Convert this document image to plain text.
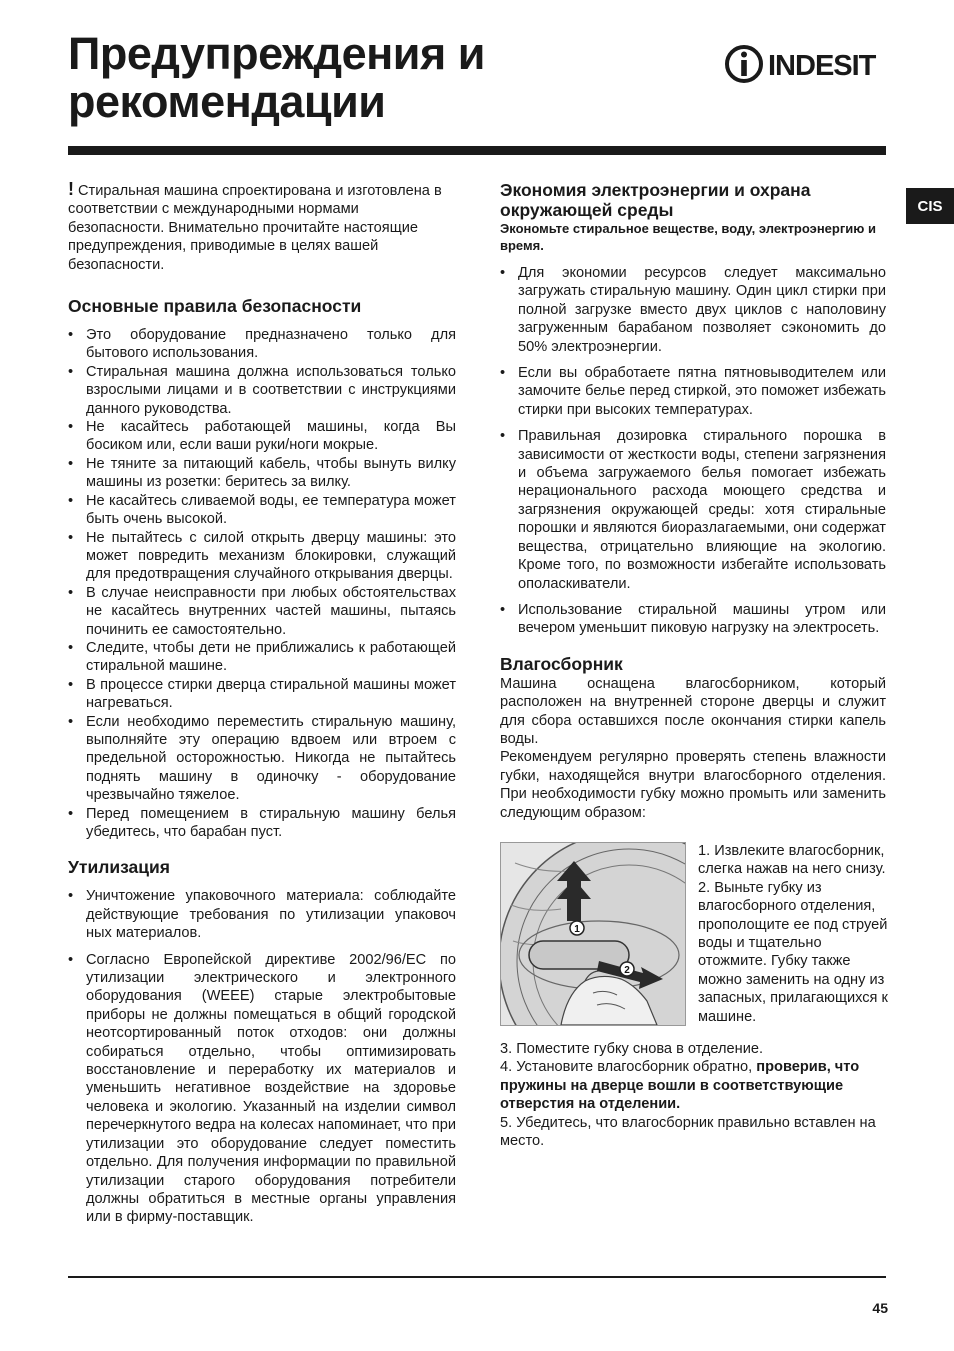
Предупреждения и
рекомендации
INDESIT
CIS

! Стиральная машина спроектирована и изготовлена в соответствии с международными нормами безопасности. Внимательно прочитайте настоящие предупреждения, приводимые в целях вашей безопасности.

Основные правила безопасности
• Это оборудование предназначено только для бытового использования.
• Стиральная машина должна использоваться только взрослыми лицами и в соответствии с инструкциями данного руководства.
• Не касайтесь работающей машины, когда Вы босиком или, если ваши руки/ноги мокрые.
• Не тяните за питающий кабель, чтобы вынуть вилку машины из розетки: беритесь за вилку.
• Не касайтесь сливаемой воды, ее температура может быть очень высокой.
• Не пытайтесь с силой открыть дверцу машины: это может повредить механизм блокировки, служащий для предотвращения случайного открывания дверцы.
• В случае неисправности при любых обстоятельствах не касайтесь внутренних частей машины, пытаясь починить ее самостоятельно.
• Следите, чтобы дети не приближались к работающей стиральной машине.
• В процессе стирки дверца стиральной машины может нагреваться.
• Если необходимо переместить стиральную машину, выполняйте эту операцию вдвоем или втроем с предельной осторожностью. Никогда не пытайтесь поднять машину в одиночку - оборудование чрезвычайно тяжелое.
• Перед помещением в стиральную машину белья убедитесь, что барабан пуст.
Утилизация
• Уничтожение упаковочного материала: соблюдайте действующие требования по утилизации упаковоч ных материалов.
• Согласно Европейской директиве 2002/96/EC по утилизации электрического и электронного оборудования (WEEE) старые электробытовые приборы не должны помещаться в общий городской неотсортированный поток отходов: они должны собираться отдельно, чтобы оптимизировать восстановление и переработку их материалов и уменьшить негативное воздействие на здоровье человека и экологию. Указанный на изделии символ перечеркнутого ведра на колесах напоминает, что при утилизации это оборудование следует поместить отдельно. Для получения информации по правильной утилизации старого оборудования потребители должны обратиться в местные органы управления или в фирму-поставщик.
Экономия электроэнергии и охрана окружающей среды
Экономьте стиральное веществе, воду, электроэнергию и время.
• Для экономии ресурсов следует максимально загружать стиральную машину. Один цикл стирки при полной загрузке вместо двух циклов с наполовину загруженным барабаном позволяет сэкономить до 50% электроэнергии.
• Если вы обработаете пятна пятновыводителем или замочите белье перед стиркой, это поможет избежать стирки при высоких температурах.
• Правильная дозировка стирального порошка в зависимости от жесткости воды, степени загрязнения и объема загружаемого белья помогает избежать нерационального расхода моющего средства и загрязнения окружающей среды: хотя стиральные порошки и являются биоразлагаемыми, они содержат вещества, отрицательно влияющие на экологию. Кроме того, по возможности избегайте использовать ополаскиватели.
• Использование стиральной машины утром или вечером уменьшит пиковую нагрузку на электросеть.
Влагосборник

Машина оснащена влагосборником, который расположен на внутренней стороне дверцы и служит для сбора оставшихся после окончания стирки капель воды.

Рекомендуем регулярно проверять степень влажности губки, находящейся внутри влагосборного отделения. При необходимости губку можно промыть или заменить следующим образом:

1
2

1. Извлеките влагосборник, слегка нажав на него снизу.

2. Выньте губку из влагосборного отделения, прополощите ее под струей воды и тщательно отожмите. Губку также можно заменить на одну из запасных, прилагающихся к машине.

3. Поместите губку снова в отделение.

4. Установите влагосборник обратно, проверив, что пружины на дверце вошли в соответствующие отверстия на отделении.

5. Убедитесь, что влагосборник правильно вставлен на место.

45
